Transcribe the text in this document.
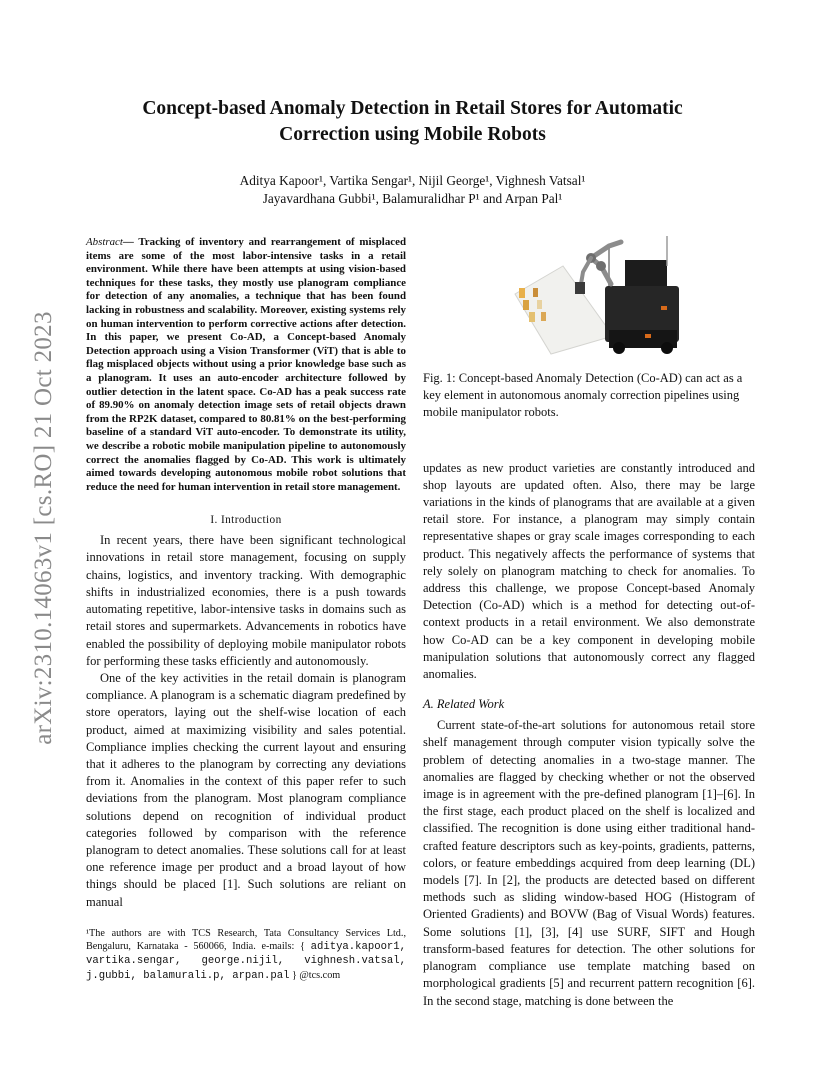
arXiv:2310.14063v1 [cs.RO] 21 Oct 2023
Concept-based Anomaly Detection in Retail Stores for Automatic
Correction using Mobile Robots

Aditya Kapoor¹, Vartika Sengar¹, Nijil George¹, Vighnesh Vatsal¹

Jayavardhana Gubbi¹, Balamuralidhar P¹ and Arpan Pal¹

Abstract— Tracking of inventory and rearrangement of misplaced items are some of the most labor-intensive tasks in a retail environment. While there have been attempts at using vision-based techniques for these tasks, they mostly use planogram compliance for detection of any anomalies, a technique that has been found lacking in robustness and scalability. Moreover, existing systems rely on human intervention to perform corrective actions after detection. In this paper, we present Co-AD, a Concept-based Anomaly Detection approach using a Vision Transformer (ViT) that is able to flag misplaced objects without using a prior knowledge base such as a planogram. It uses an auto-encoder architecture followed by outlier detection in the latent space. Co-AD has a peak success rate of 89.90% on anomaly detection image sets of retail objects drawn from the RP2K dataset, compared to 80.81% on the best-performing baseline of a standard ViT auto-encoder. To demonstrate its utility, we describe a robotic mobile manipulation pipeline to autonomously correct the anomalies flagged by Co-AD. This work is ultimately aimed towards developing autonomous mobile robot solutions that reduce the need for human intervention in retail store management.

I. Introduction

In recent years, there have been significant technological innovations in retail store management, focusing on supply chains, logistics, and inventory tracking. With demographic shifts in industrialized economies, there is a push towards automating repetitive, labor-intensive tasks in domains such as retail stores and supermarkets. Advancements in robotics have enabled the possibility of deploying mobile manipulator robots for performing these tasks efficiently and autonomously.

One of the key activities in the retail domain is planogram compliance. A planogram is a schematic diagram predefined by store operators, laying out the shelf-wise location of each product, aimed at maximizing visibility and sales potential. Compliance implies checking the current layout and ensuring that it adheres to the planogram by correcting any deviations from it. Anomalies in the context of this paper refer to such deviations from the planogram. Most planogram compliance solutions depend on recognition of individual product categories followed by comparison with the reference planogram to detect anomalies. These solutions call for at least one reference image per product and a broad layout of how things should be placed [1]. Such solutions are reliant on manual

¹The authors are with TCS Research, Tata Consultancy Services Ltd., Bengaluru, Karnataka - 560066, India. e-mails: { aditya.kapoor1, vartika.sengar, george.nijil, vighnesh.vatsal, j.gubbi, balamurali.p, arpan.pal } @tcs.com
Fig. 1: Concept-based Anomaly Detection (Co-AD) can act as a key element in autonomous anomaly correction pipelines using mobile manipulator robots.

updates as new product varieties are constantly introduced and shop layouts are updated often. Also, there may be large variations in the kinds of planograms that are available at a given retail store. For instance, a planogram may simply contain representative shapes or gray scale images corresponding to each product. This negatively affects the performance of systems that rely solely on planogram matching to check for anomalies. To address this challenge, we propose Concept-based Anomaly Detection (Co-AD) which is a method for detecting out-of-context products in a retail environment. We also demonstrate how Co-AD can be a key component in developing mobile manipulation solutions that autonomously correct any flagged anomalies.

A. Related Work

Current state-of-the-art solutions for autonomous retail store shelf management through computer vision typically solve the problem of detecting anomalies in a two-stage manner. The anomalies are flagged by checking whether or not the observed image is in agreement with the pre-defined planogram [1]–[6]. In the first stage, each product placed on the shelf is localized and classified. The recognition is done using either traditional hand-crafted feature descriptors such as key-points, gradients, patterns, colors, or feature embeddings acquired from deep learning (DL) models [7]. In [2], the products are detected based on different methods such as sliding window-based HOG (Histogram of Oriented Gradients) and BOVW (Bag of Visual Words) features. Some solutions [1], [3], [4] use SURF, SIFT and Hough transform-based features for detection. The other solutions for planogram compliance use template matching based on morphological gradients [5] and recurrent pattern recognition [6]. In the second stage, matching is done between the
